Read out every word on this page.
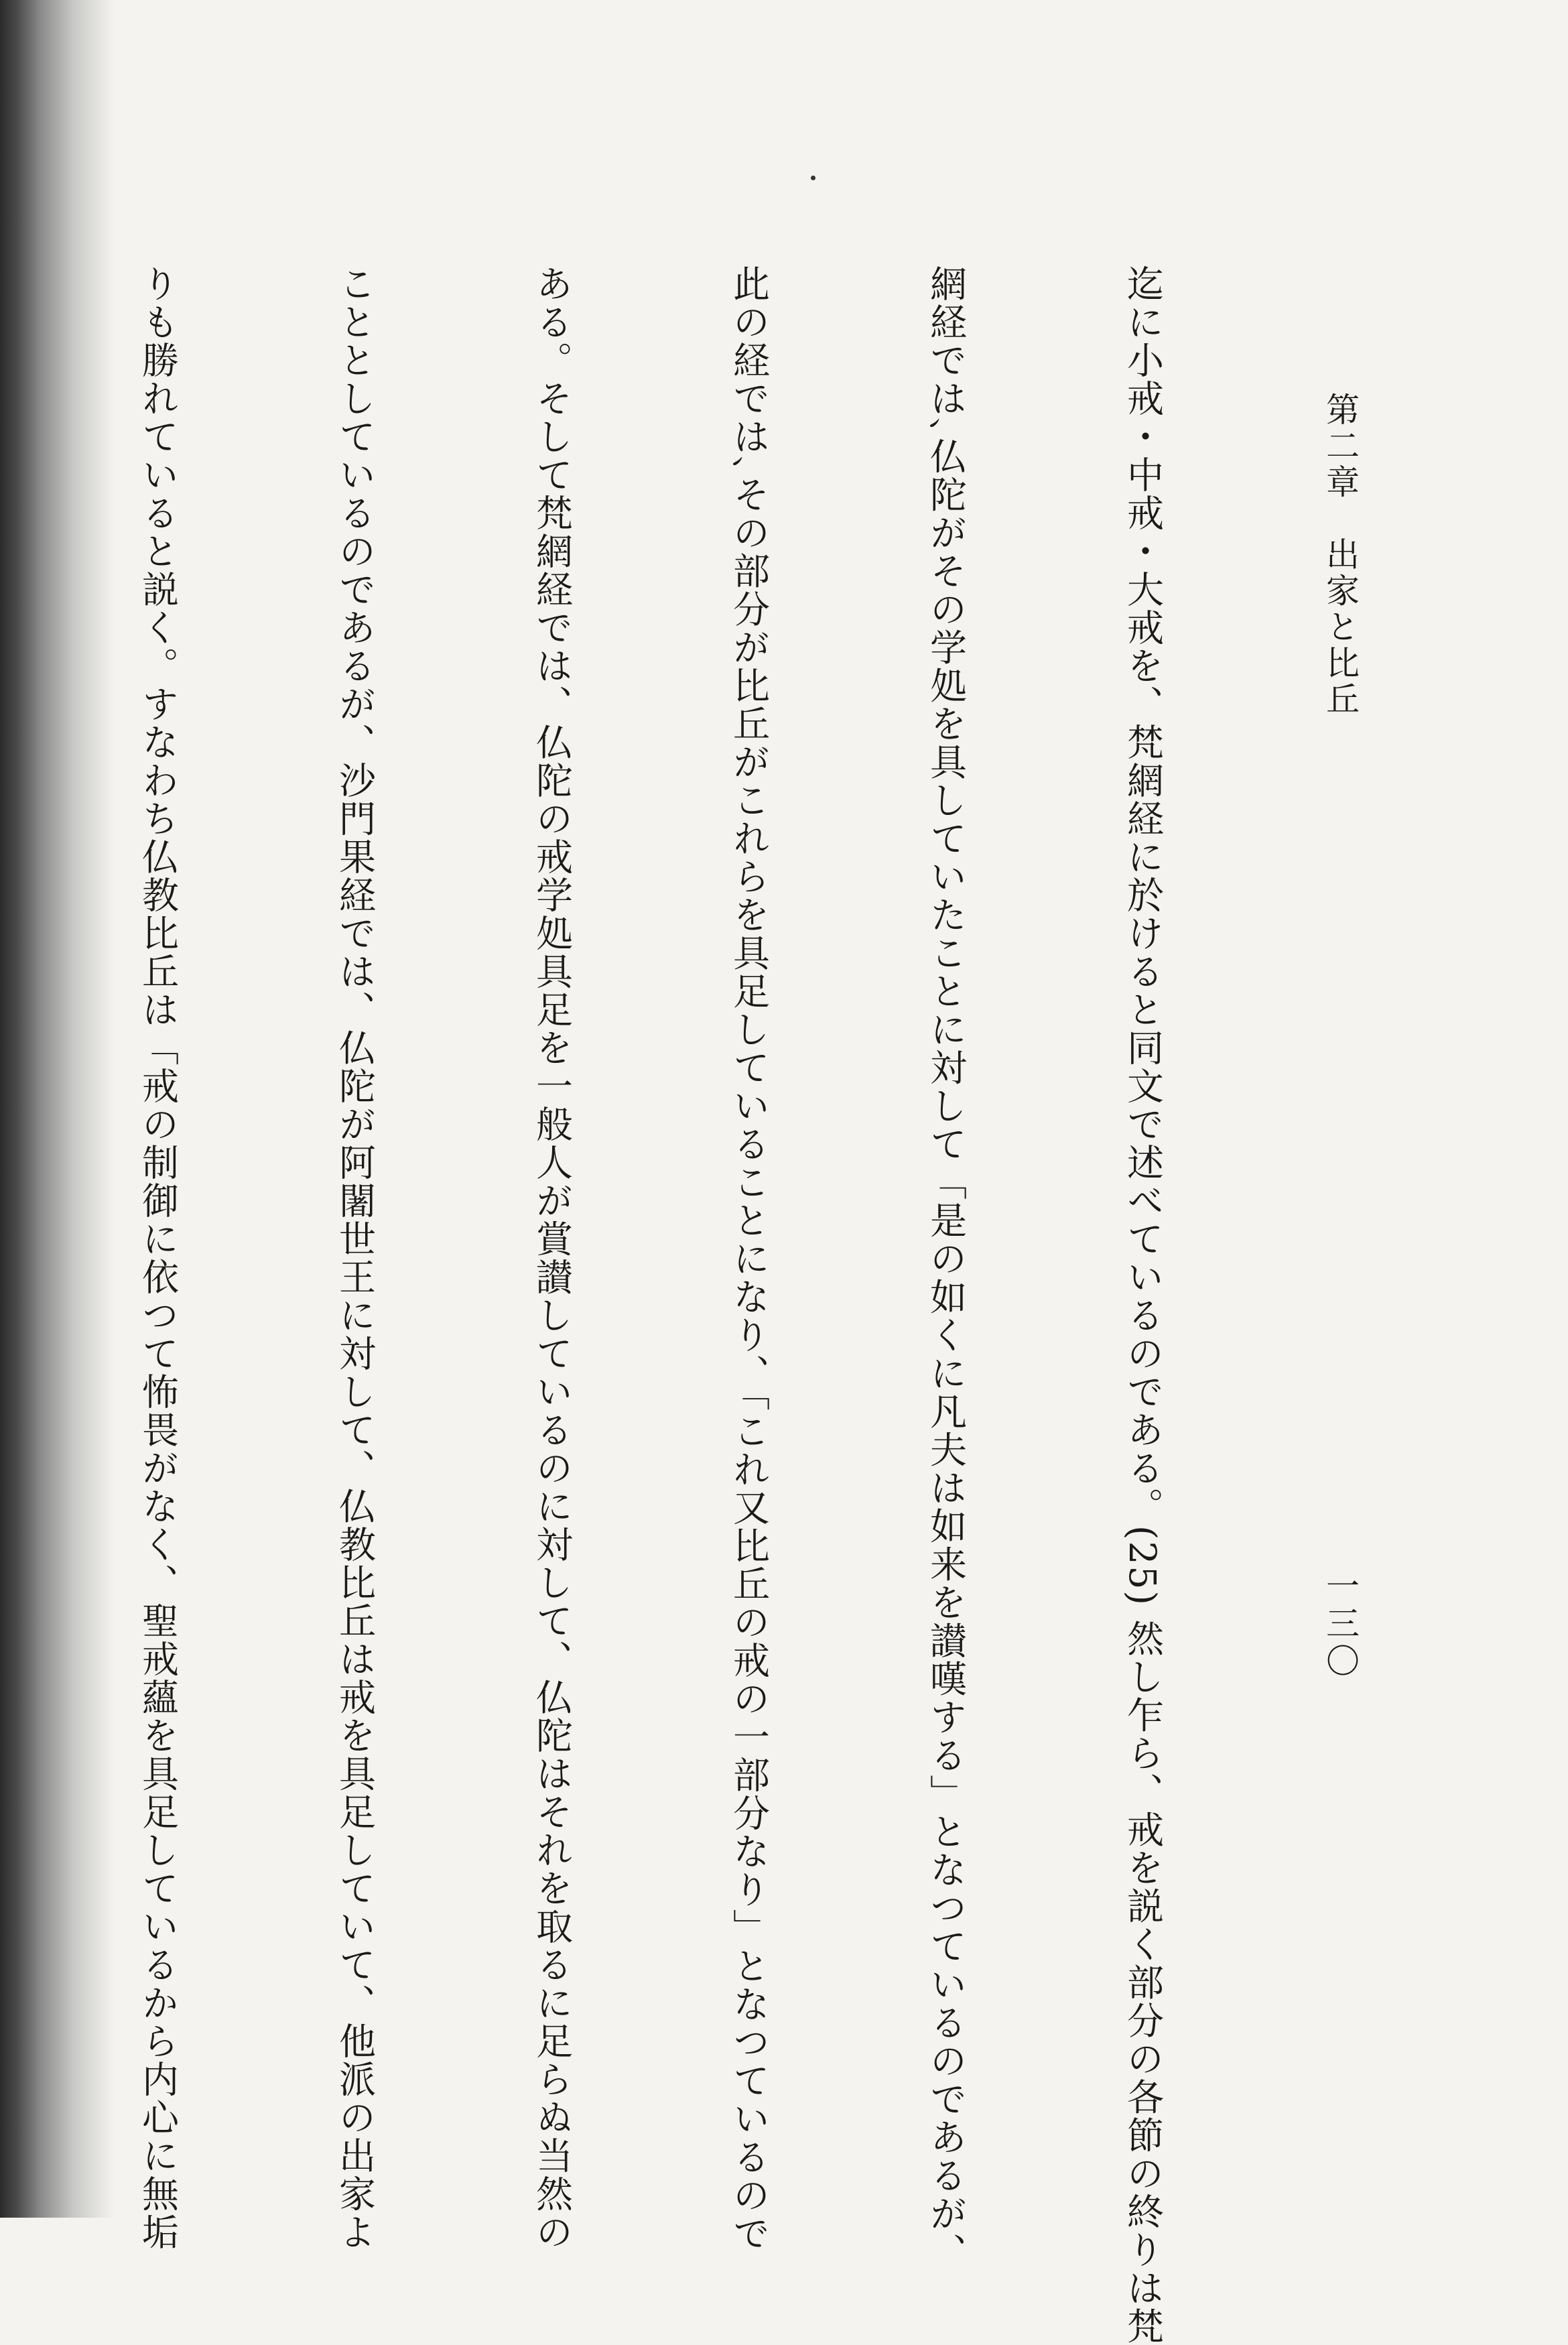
第二章　出家と比丘
一三〇

迄に小戒・中戒・大戒を、梵網経に於けると同文で述べているのである。(25) 然し乍ら、戒を説く部分の各節の終りは梵

網経では､仏陀がその学処を具していたことに対して「是の如くに凡夫は如来を讃嘆する」となつているのであるが、

此の経では､その部分が比丘がこれらを具足していることになり、「これ又比丘の戒の一部分なり」となつているので

ある。そして梵網経では、仏陀の戒学処具足を一般人が賞讃しているのに対して、仏陀はそれを取るに足らぬ当然の

こととしているのであるが、沙門果経では、仏陀が阿闍世王に対して、仏教比丘は戒を具足していて、他派の出家よ

りも勝れていると説く。すなわち仏教比丘は「戒の制御に依つて怖畏がなく、聖戒蘊を具足しているから内心に無垢
